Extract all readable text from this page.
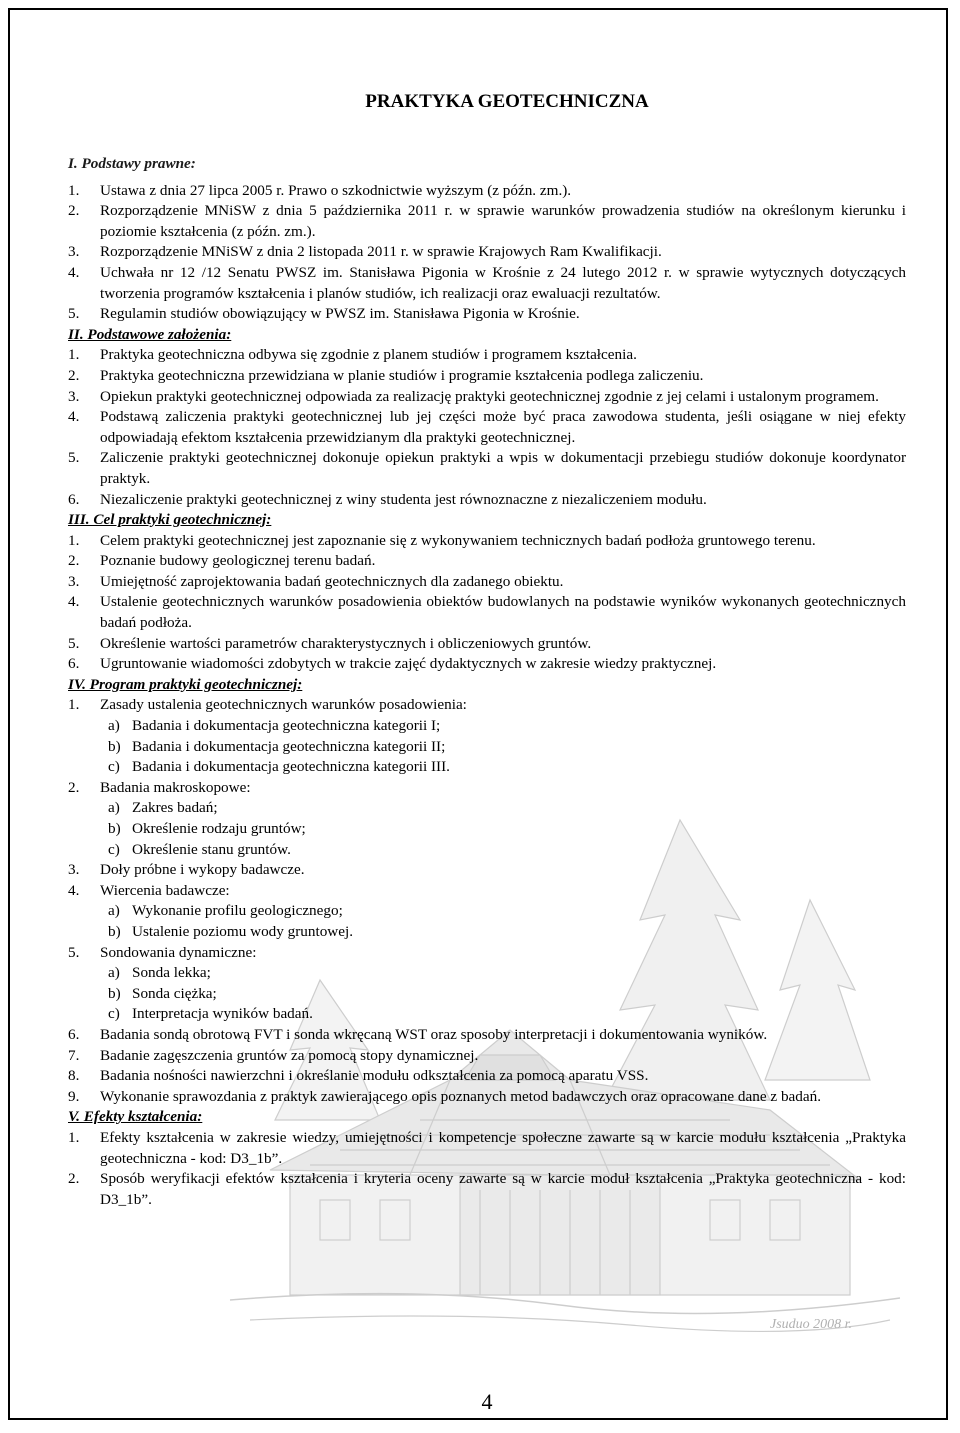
Jsuduo 2008 r.
PRAKTYKA GEOTECHNICZNA
I. Podstawy prawne:
1.	Ustawa z dnia 27 lipca 2005 r. Prawo o szkodnictwie wyższym (z późn. zm.).
2.	Rozporządzenie MNiSW z dnia 5 października 2011 r. w sprawie warunków prowadzenia studiów na określonym kierunku i poziomie kształcenia (z późn. zm.).
3.	Rozporządzenie MNiSW z dnia 2 listopada 2011 r. w sprawie Krajowych Ram Kwalifikacji.
4.	Uchwała nr 12 /12 Senatu PWSZ im. Stanisława Pigonia w Krośnie z 24 lutego 2012 r. w sprawie wytycznych dotyczących tworzenia programów kształcenia i planów studiów, ich realizacji oraz ewaluacji rezultatów.
5.	Regulamin studiów obowiązujący w PWSZ im. Stanisława Pigonia w Krośnie.
II. Podstawowe założenia:
1.	Praktyka geotechniczna odbywa się zgodnie z planem studiów i programem kształcenia.
2.	Praktyka geotechniczna przewidziana w planie studiów i programie kształcenia podlega zaliczeniu.
3.	Opiekun praktyki geotechnicznej odpowiada za realizację praktyki geotechnicznej zgodnie z jej celami i ustalonym programem.
4.	Podstawą zaliczenia praktyki geotechnicznej lub jej części może być praca zawodowa studenta, jeśli osiągane w niej efekty odpowiadają efektom kształcenia przewidzianym dla praktyki geotechnicznej.
5.	Zaliczenie praktyki geotechnicznej dokonuje opiekun praktyki a wpis w dokumentacji przebiegu studiów dokonuje koordynator praktyk.
6.	Niezaliczenie praktyki geotechnicznej z winy studenta jest równoznaczne z niezaliczeniem modułu.
III. Cel praktyki geotechnicznej:
1.	Celem praktyki geotechnicznej jest zapoznanie się z wykonywaniem technicznych badań podłoża gruntowego terenu.
2.	Poznanie budowy geologicznej terenu badań.
3.	Umiejętność zaprojektowania badań geotechnicznych dla zadanego obiektu.
4.	Ustalenie geotechnicznych warunków posadowienia obiektów budowlanych na podstawie wyników wykonanych geotechnicznych badań podłoża.
5.	Określenie wartości parametrów charakterystycznych i obliczeniowych gruntów.
6.	Ugruntowanie wiadomości zdobytych w trakcie zajęć dydaktycznych w zakresie wiedzy praktycznej.
IV. Program praktyki geotechnicznej:
1.	Zasady ustalenia geotechnicznych warunków posadowienia:
a) Badania i dokumentacja geotechniczna kategorii I;
b) Badania i dokumentacja geotechniczna kategorii II;
c) Badania i dokumentacja geotechniczna kategorii III.
2.	Badania makroskopowe:
a) Zakres badań;
b) Określenie rodzaju gruntów;
c) Określenie stanu gruntów.
3.	Doły próbne i wykopy badawcze.
4.	Wiercenia badawcze:
a) Wykonanie profilu geologicznego;
b) Ustalenie poziomu wody gruntowej.
5.	Sondowania dynamiczne:
a) Sonda lekka;
b) Sonda ciężka;
c) Interpretacja wyników badań.
6.	Badania sondą obrotową FVT i sonda wkręcaną WST oraz sposoby interpretacji i dokumentowania wyników.
7.	Badanie zagęszczenia gruntów za pomocą stopy dynamicznej.
8.	Badania nośności nawierzchni i określanie modułu odkształcenia za pomocą aparatu VSS.
9.	Wykonanie sprawozdania z praktyk zawierającego opis poznanych metod badawczych oraz opracowane dane z badań.
V. Efekty kształcenia:
1.	Efekty kształcenia w zakresie wiedzy, umiejętności i kompetencje społeczne zawarte są w karcie modułu kształcenia „Praktyka geotechniczna - kod: D3_1b”.
2.	Sposób weryfikacji efektów kształcenia i kryteria oceny zawarte są w karcie moduł kształcenia „Praktyka geotechniczna - kod: D3_1b”.
4
